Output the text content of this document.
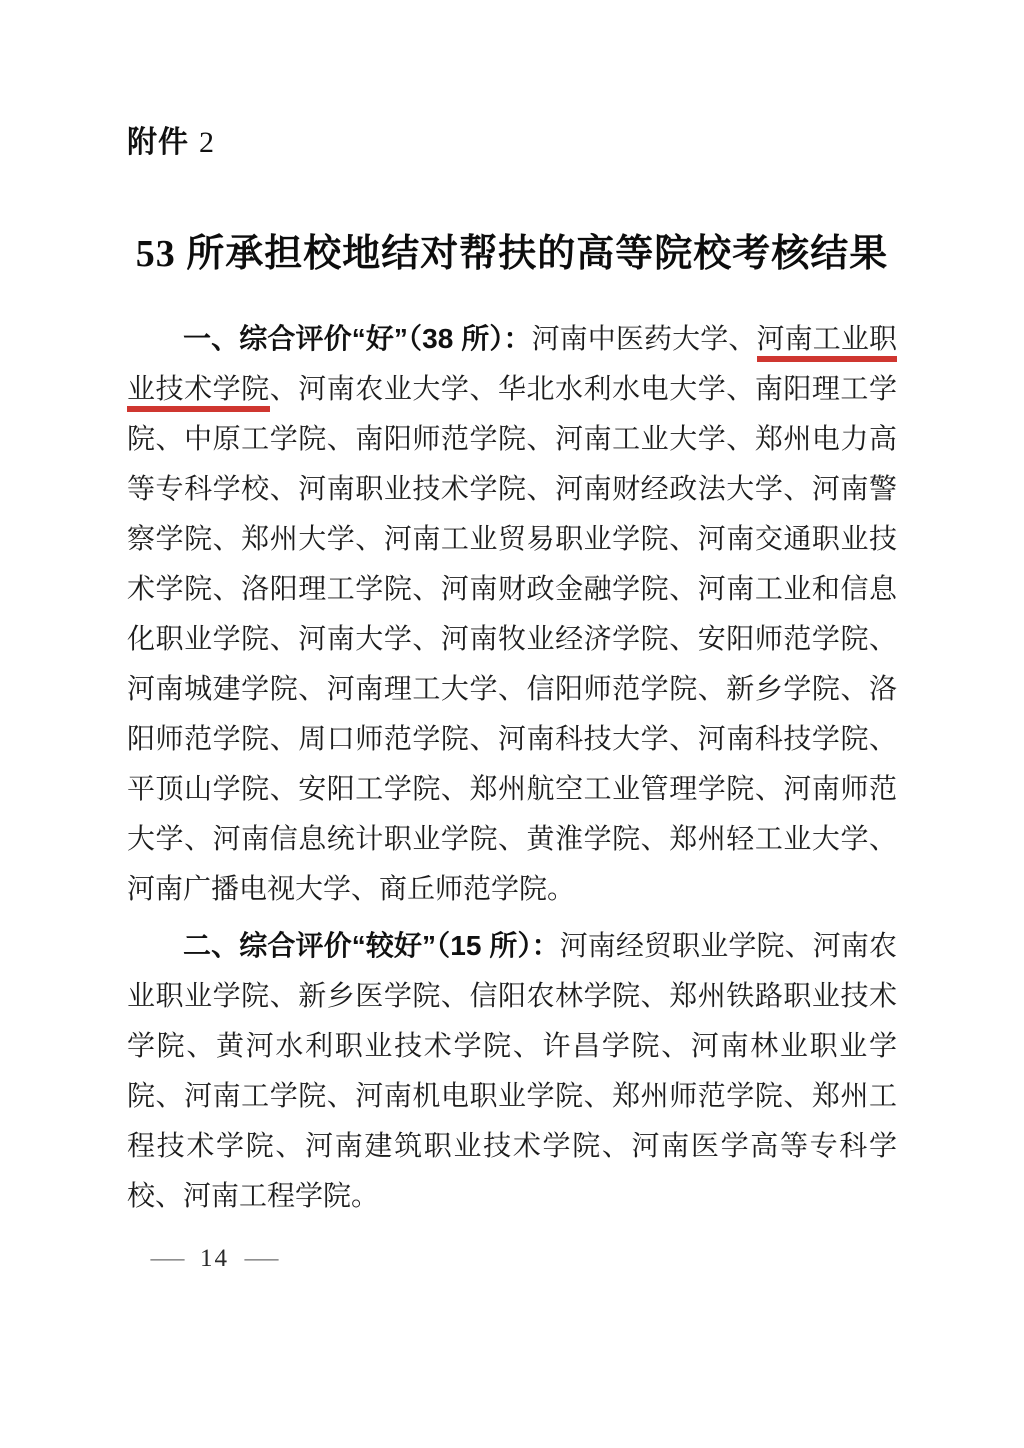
附件 2
53 所承担校地结对帮扶的高等院校考核结果

一、综合评价“好”（38 所）：河南中医药大学、河南工业职业技术学院、河南农业大学、华北水利水电大学、南阳理工学院、中原工学院、南阳师范学院、河南工业大学、郑州电力高等专科学校、河南职业技术学院、河南财经政法大学、河南警察学院、郑州大学、河南工业贸易职业学院、河南交通职业技术学院、洛阳理工学院、河南财政金融学院、河南工业和信息化职业学院、河南大学、河南牧业经济学院、安阳师范学院、河南城建学院、河南理工大学、信阳师范学院、新乡学院、洛阳师范学院、周口师范学院、河南科技大学、河南科技学院、平顶山学院、安阳工学院、郑州航空工业管理学院、河南师范大学、河南信息统计职业学院、黄淮学院、郑州轻工业大学、河南广播电视大学、商丘师范学院。

二、综合评价“较好”（15 所）：河南经贸职业学院、河南农业职业学院、新乡医学院、信阳农林学院、郑州铁路职业技术学院、黄河水利职业技术学院、许昌学院、河南林业职业学院、河南工学院、河南机电职业学院、郑州师范学院、郑州工程技术学院、河南建筑职业技术学院、河南医学高等专科学校、河南工程学院。

— 14 —
